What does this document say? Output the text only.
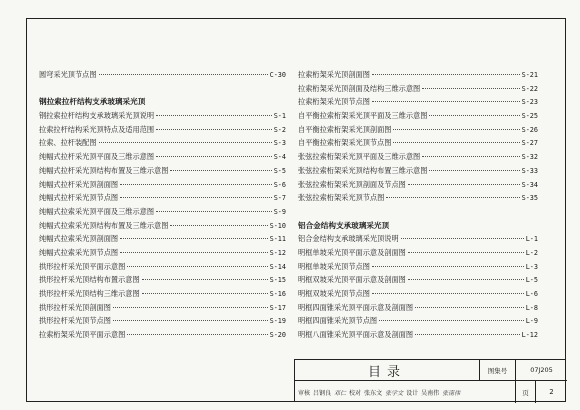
圆穹采光顶节点图	C-30
钢拉索拉杆结构支承玻璃采光顶
钢拉索拉杆结构支承玻璃采光顶说明	S-1
拉索拉杆结构采光顶特点及适用范围	S-2
拉索、拉杆装配图	S-3
纯幅式拉杆采光顶平面及三维示意图	S-4
纯幅式拉杆采光顶结构布置及三维示意图	S-5
纯幅式拉杆采光顶剖面图	S-6
纯幅式拉杆采光顶节点图	S-7
纯幅式拉索采光顶平面及三维示意图	S-9
纯幅式拉索采光顶结构布置及三维示意图	S-10
纯幅式拉索采光顶剖面图	S-11
纯幅式拉索采光顶节点图	S-12
拱形拉杆采光顶平面示意图	S-14
拱形拉杆采光顶结构布置示意图	S-15
拱形拉杆采光顶结构三维示意图	S-16
拱形拉杆采光顶剖面图	S-17
拱形拉杆采光顶节点图	S-19
拉索桁架采光顶平面示意图	S-20
拉索桁架采光顶剖面图	S-21
拉索桁架采光顶剖面及结构三维示意图	S-22
拉索桁架采光顶节点图	S-23
自平衡拉索桁架采光顶平面及三维示意图	S-25
自平衡拉索桁架采光顶剖面图	S-26
自平衡拉索桁架采光顶节点图	S-27
张弦拉索桁架采光顶平面及三维示意图	S-32
张弦拉索桁架采光顶结构布置三维示意图	S-33
张弦拉索桁架采光顶剖面及节点图	S-34
张弦拉索桁架采光顶节点图	S-35
铝合金结构支承玻璃采光顶
铝合金结构支承玻璃采光顶说明	L-1
明框单坡采光顶平面示意及剖面图	L-2
明框单坡采光顶节点图	L-3
明框双坡采光顶平面示意及剖面图	L-5
明框双坡采光顶节点图	L-6
明框四面锥采光顶平面示意及剖面图	L-8
明框四面锥采光顶节点图	L-9
明框八面锥采光顶平面示意及剖面图	L-12
目录	图集号	07J205
审核 吕钢良 邓仁 校对 张东文 张学文 设计 吴南伟 张南伟	页	2
